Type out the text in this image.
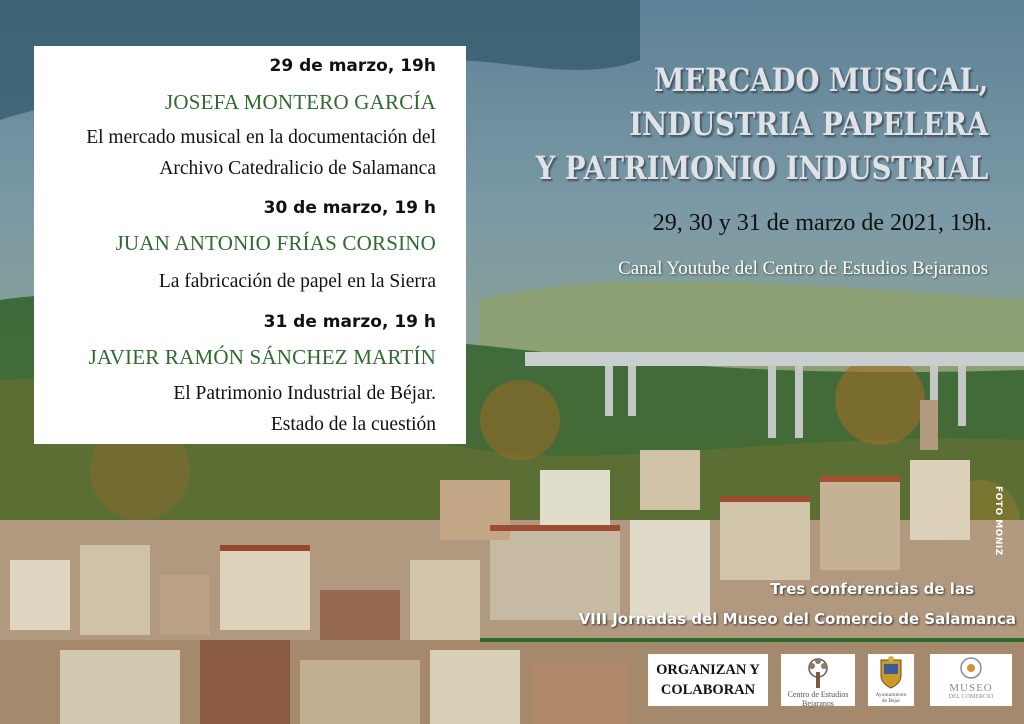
29 de marzo, 19h
JOSEFA MONTERO GARCÍA
El mercado musical en la documentación del
Archivo Catedralicio de Salamanca
30 de marzo, 19 h
JUAN ANTONIO FRÍAS CORSINO
La fabricación de papel en la Sierra
31 de marzo, 19 h
JAVIER RAMÓN SÁNCHEZ MARTÍN
El Patrimonio Industrial de Béjar.
Estado de la cuestión
MERCADO MUSICAL,
INDUSTRIA PAPELERA
Y PATRIMONIO INDUSTRIAL
29, 30 y 31 de marzo de 2021, 19h.
Canal Youtube del Centro de Estudios Bejaranos
FOTO MONIZ
Tres conferencias de las
VIII Jornadas del Museo del Comercio de Salamanca
ORGANIZAN Y
COLABORAN	Centro de Estudios
Bejaranos
Ayuntamiento
de Béjar
MUSEO
DEL COMERCIO
